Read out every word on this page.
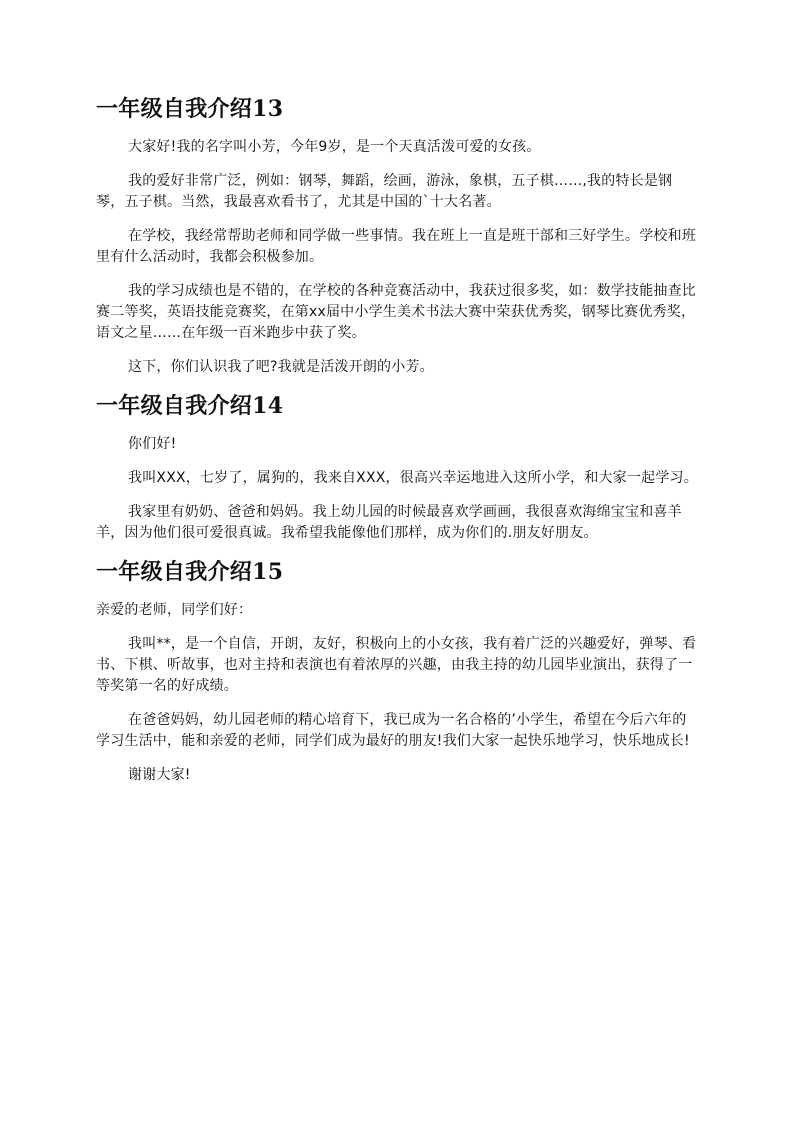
一年级自我介绍13

大家好!我的名字叫小芳，今年9岁，是一个天真活泼可爱的女孩。

我的爱好非常广泛，例如：钢琴，舞蹈，绘画，游泳，象棋，五子棋……,我的特长是钢琴，五子棋。当然，我最喜欢看书了，尤其是中国的`十大名著。

在学校，我经常帮助老师和同学做一些事情。我在班上一直是班干部和三好学生。学校和班里有什么活动时，我都会积极参加。

我的学习成绩也是不错的，在学校的各种竞赛活动中，我获过很多奖，如：数学技能抽查比赛二等奖，英语技能竞赛奖，在第xx届中小学生美术书法大赛中荣获优秀奖，钢琴比赛优秀奖，语文之星……在年级一百米跑步中获了奖。

这下，你们认识我了吧?我就是活泼开朗的小芳。

一年级自我介绍14

你们好!

我叫XXX，七岁了，属狗的，我来自XXX，很高兴幸运地进入这所小学，和大家一起学习。

我家里有奶奶、爸爸和妈妈。我上幼儿园的时候最喜欢学画画，我很喜欢海绵宝宝和喜羊羊，因为他们很可爱很真诚。我希望我能像他们那样，成为你们的.朋友好朋友。

一年级自我介绍15

亲爱的老师，同学们好：

我叫**，是一个自信，开朗，友好，积极向上的小女孩，我有着广泛的兴趣爱好，弹琴、看书、下棋、听故事，也对主持和表演也有着浓厚的兴趣，由我主持的幼儿园毕业演出，获得了一等奖第一名的好成绩。

在爸爸妈妈，幼儿园老师的精心培育下，我已成为一名合格的’小学生，希望在今后六年的学习生活中，能和亲爱的老师，同学们成为最好的朋友!我们大家一起快乐地学习，快乐地成长!

谢谢大家!
